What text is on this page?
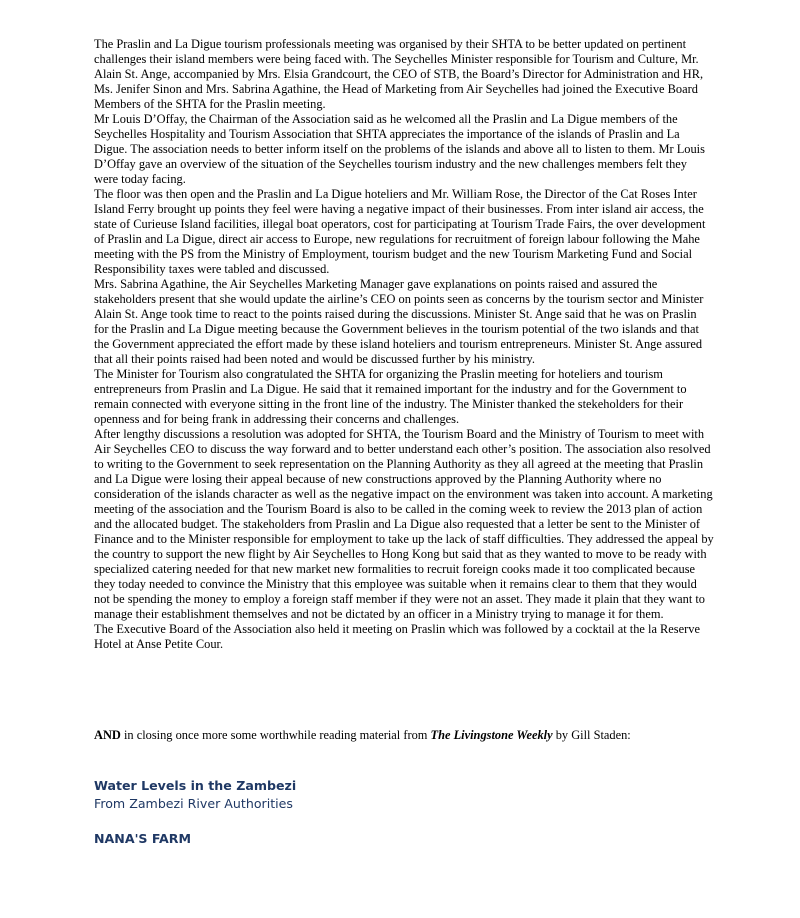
The Praslin and La Digue tourism professionals meeting was organised by their SHTA to be better updated on pertinent challenges their island members were being faced with. The Seychelles Minister responsible for Tourism and Culture, Mr. Alain St. Ange, accompanied by Mrs. Elsia Grandcourt, the CEO of STB, the Board’s Director for Administration and HR, Ms. Jenifer Sinon and Mrs. Sabrina Agathine, the Head of Marketing from Air Seychelles had joined the Executive Board Members of the SHTA for the Praslin meeting.

Mr Louis D’Offay, the Chairman of the Association said as he welcomed all the Praslin and La Digue members of the Seychelles Hospitality and Tourism Association that SHTA appreciates the importance of the islands of Praslin and La Digue. The association needs to better inform itself on the problems of the islands and above all to listen to them. Mr Louis D’Offay gave an overview of the situation of the Seychelles tourism industry and the new challenges members felt they were today facing.

The floor was then open and the Praslin and La Digue hoteliers and Mr. William Rose, the Director of the Cat Roses Inter Island Ferry brought up points they feel were having a negative impact of their businesses. From inter island air access, the state of Curieuse Island facilities, illegal boat operators, cost for participating at Tourism Trade Fairs, the over development of Praslin and La Digue, direct air access to Europe, new regulations for recruitment of foreign labour following the Mahe meeting with the PS from the Ministry of Employment, tourism budget and the new Tourism Marketing Fund and Social Responsibility taxes were tabled and discussed.

Mrs. Sabrina Agathine, the Air Seychelles Marketing Manager gave explanations on points raised and assured the stakeholders present that she would update the airline’s CEO on points seen as concerns by the tourism sector and Minister Alain St. Ange took time to react to the points raised during the discussions. Minister St. Ange said that he was on Praslin for the Praslin and La Digue meeting because the Government believes in the tourism potential of the two islands and that the Government appreciated the effort made by these island hoteliers and tourism entrepreneurs. Minister St. Ange assured that all their points raised had been noted and would be discussed further by his ministry.

The Minister for Tourism also congratulated the SHTA for organizing the Praslin meeting for hoteliers and tourism entrepreneurs from Praslin and La Digue. He said that it remained important for the industry and for the Government to remain connected with everyone sitting in the front line of the industry. The Minister thanked the stekeholders for their openness and for being frank in addressing their concerns and challenges.

After lengthy discussions a resolution was adopted for SHTA, the Tourism Board and the Ministry of Tourism to meet with Air Seychelles CEO to discuss the way forward and to better understand each other’s position. The association also resolved to writing to the Government to seek representation on the Planning Authority as they all agreed at the meeting that Praslin and La Digue were losing their appeal because of new constructions approved by the Planning Authority where no consideration of the islands character as well as the negative impact on the environment was taken into account. A marketing meeting of the association and the Tourism Board is also to be called in the coming week to review the 2013 plan of action and the allocated budget. The stakeholders from Praslin and La Digue also requested that a letter be sent to the Minister of Finance and to the Minister responsible for employment to take up the lack of staff difficulties. They addressed the appeal by the country to support the new flight by Air Seychelles to Hong Kong but said that as they wanted to move to be ready with specialized catering needed for that new market new formalities to recruit foreign cooks made it too complicated because they today needed to convince the Ministry that this employee was suitable when it remains clear to them that they would not be spending the money to employ a foreign staff member if they were not an asset. They made it plain that they want to manage their establishment themselves and not be dictated by an officer in a Ministry trying to manage it for them.

The Executive Board of the Association also held it meeting on Praslin which was followed by a cocktail at the la Reserve Hotel at Anse Petite Cour.

AND in closing once more some worthwhile reading material from The Livingstone Weekly by Gill Staden:
Water Levels in the Zambezi
From Zambezi River Authorities
NANA'S FARM
